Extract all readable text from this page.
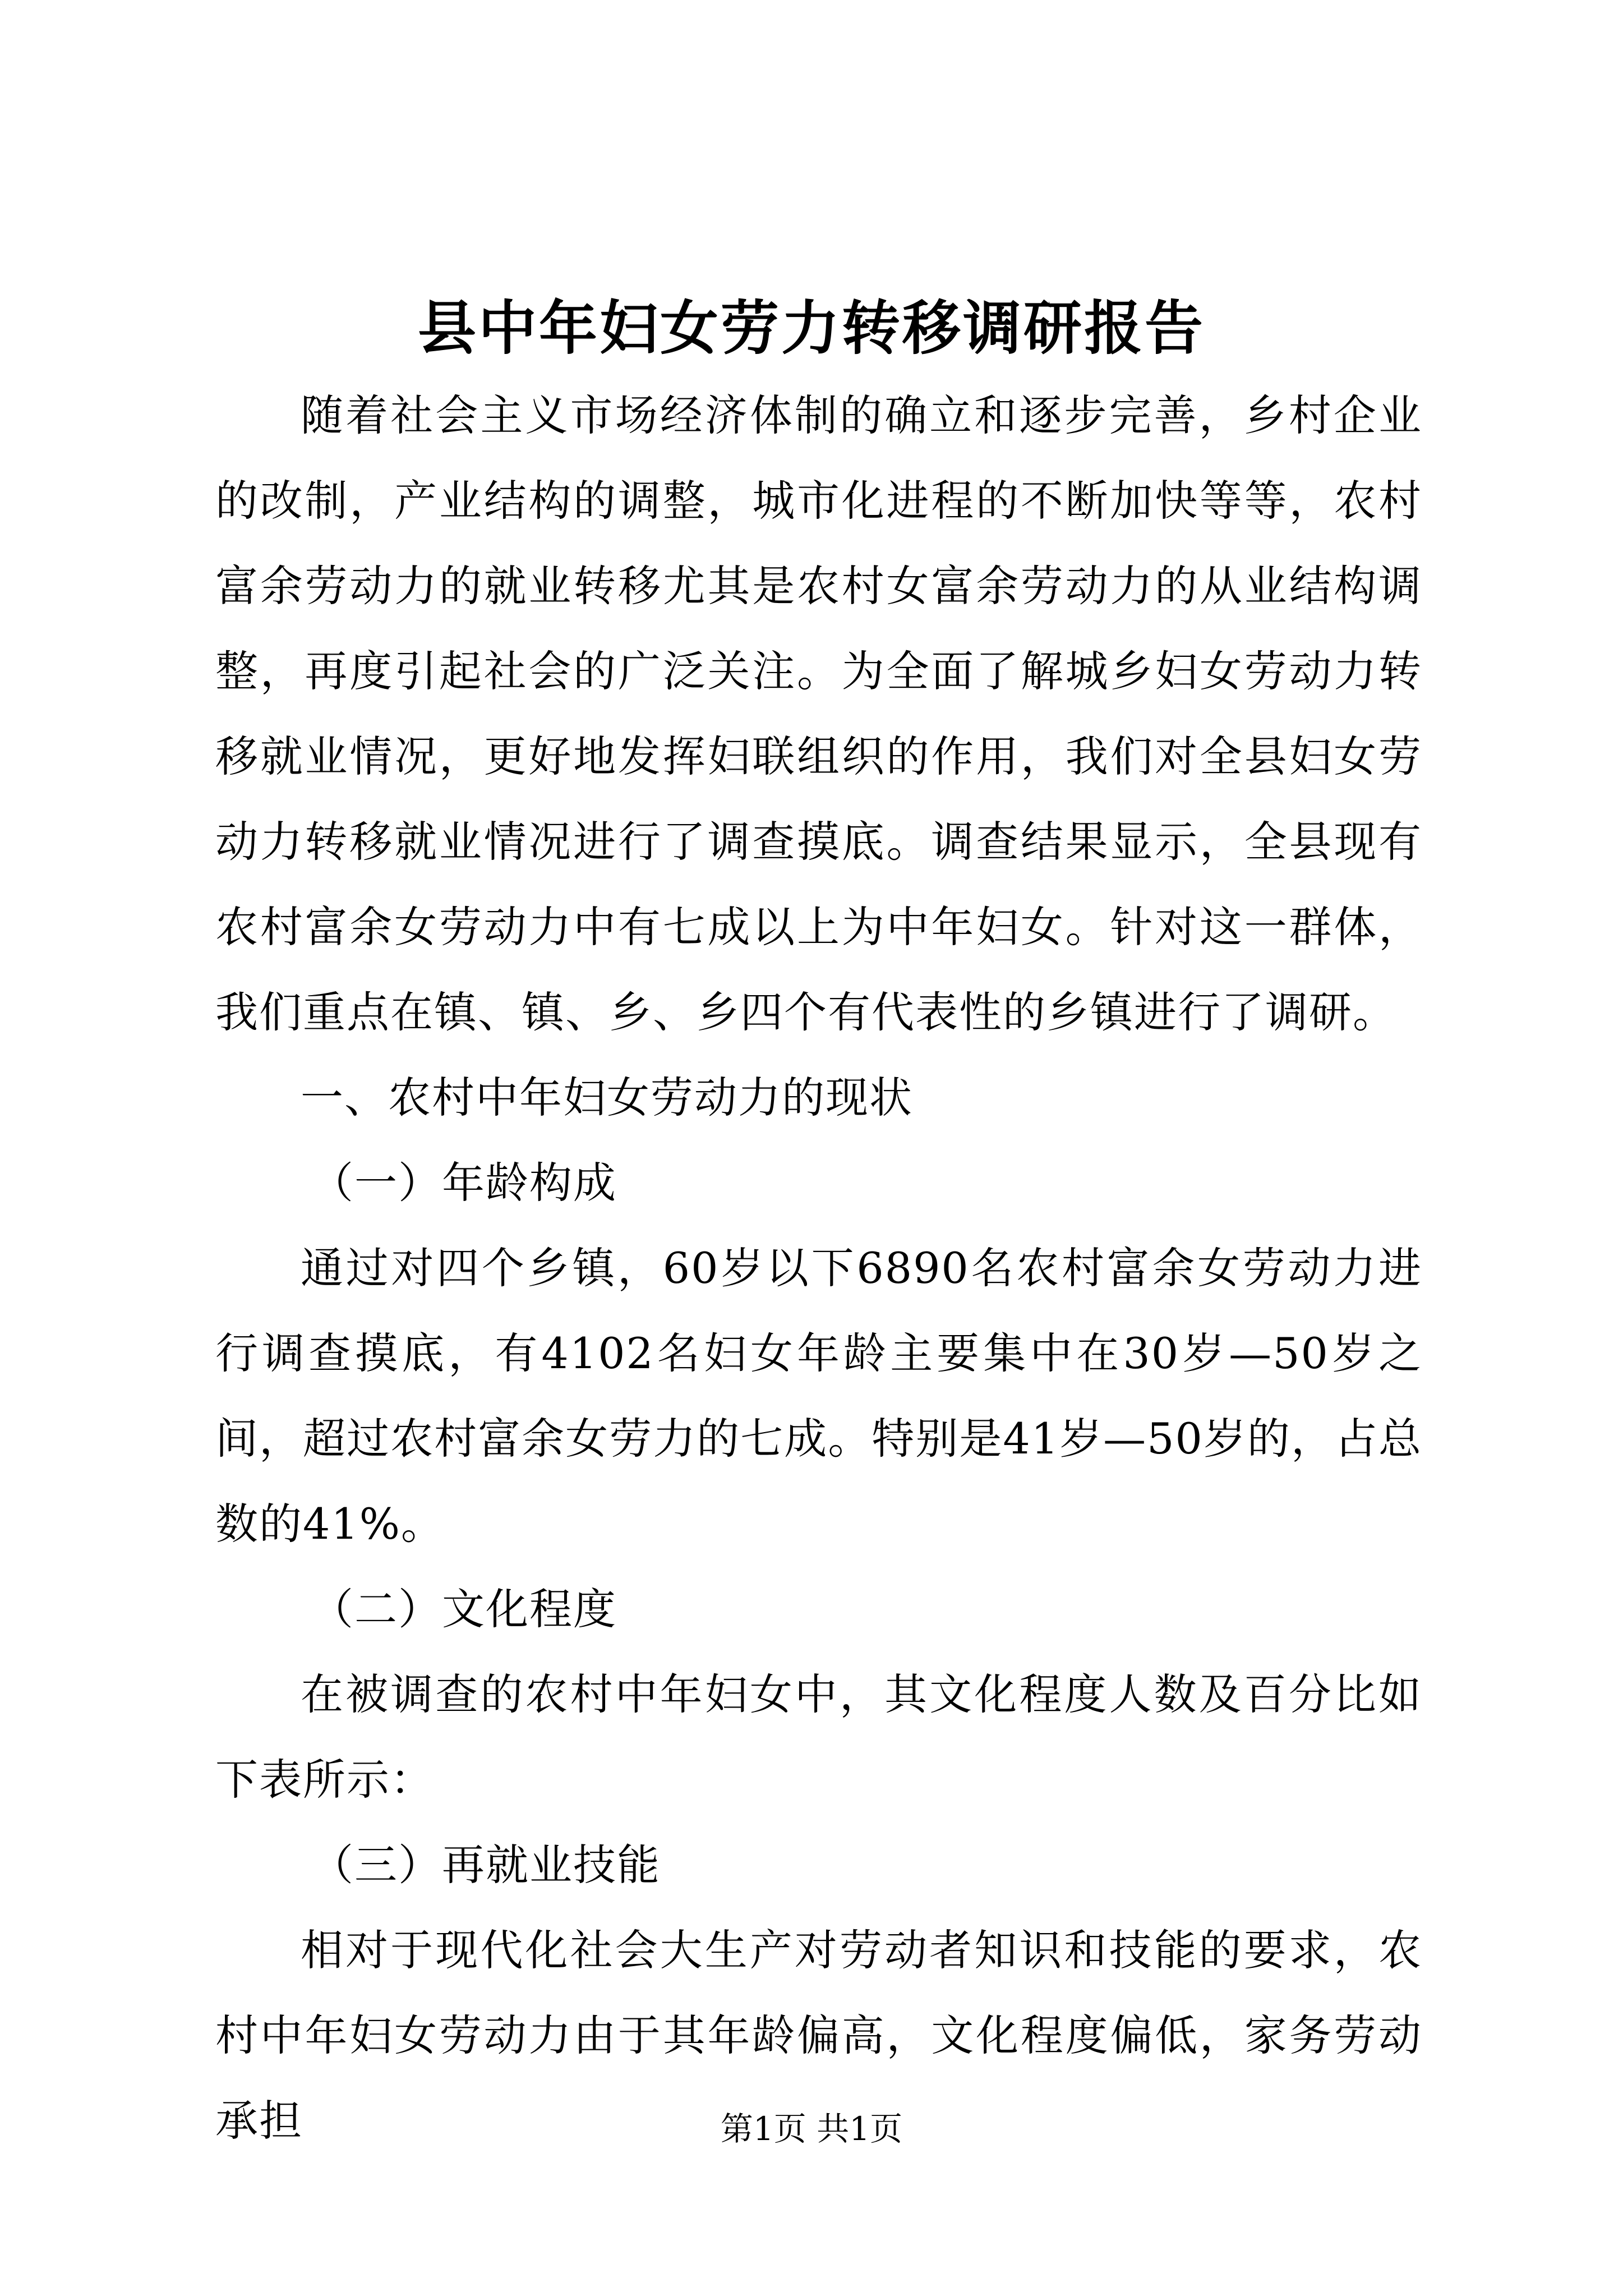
县中年妇女劳力转移调研报告

随着社会主义市场经济体制的确立和逐步完善，乡村企业的改制，产业结构的调整，城市化进程的不断加快等等，农村富余劳动力的就业转移尤其是农村女富余劳动力的从业结构调整，再度引起社会的广泛关注。为全面了解城乡妇女劳动力转移就业情况，更好地发挥妇联组织的作用，我们对全县妇女劳动力转移就业情况进行了调查摸底。调查结果显示，全县现有农村富余女劳动力中有七成以上为中年妇女。针对这一群体，我们重点在镇、镇、乡、乡四个有代表性的乡镇进行了调研。

一、农村中年妇女劳动力的现状

（一）年龄构成

通过对四个乡镇，60岁以下6890名农村富余女劳动力进行调查摸底，有4102名妇女年龄主要集中在30岁—50岁之间，超过农村富余女劳力的七成。特别是41岁—50岁的，占总数的41%。

（二）文化程度

在被调查的农村中年妇女中，其文化程度人数及百分比如下表所示：

（三）再就业技能

相对于现代化社会大生产对劳动者知识和技能的要求，农村中年妇女劳动力由于其年龄偏高，文化程度偏低，家务劳动承担	第1页 共1页
